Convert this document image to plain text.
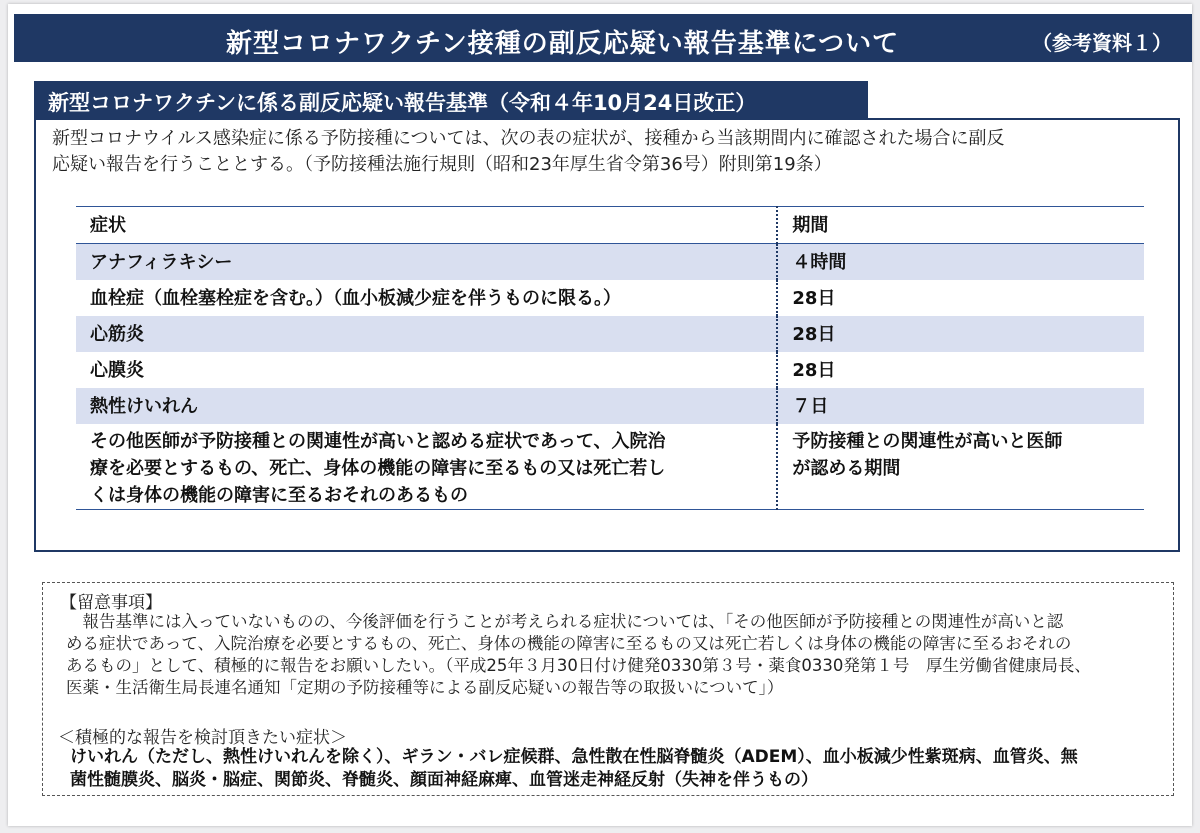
新型コロナワクチン接種の副反応疑い報告基準について	（参考資料１）
新型コロナワクチンに係る副反応疑い報告基準（令和４年10月24日改正）
新型コロナウイルス感染症に係る予防接種については、次の表の症状が、接種から当該期間内に確認された場合に副反
応疑い報告を行うこととする。（予防接種法施行規則（昭和23年厚生省令第36号）附則第19条）
症状	期間
アナフィラキシー	４時間
血栓症（血栓塞栓症を含む。）（血小板減少症を伴うものに限る。）	28日
心筋炎	28日
心膜炎	28日
熱性けいれん	７日
その他医師が予防接種との関連性が高いと認める症状であって、入院治
療を必要とするもの、死亡、身体の機能の障害に至るもの又は死亡若し
くは身体の機能の障害に至るおそれのあるもの	予防接種との関連性が高いと医師
が認める期間
【留意事項】
　報告基準には入っていないものの、今後評価を行うことが考えられる症状については、「その他医師が予防接種との関連性が高いと認
める症状であって、入院治療を必要とするもの、死亡、身体の機能の障害に至るもの又は死亡若しくは身体の機能の障害に至るおそれの
あるもの」として、積極的に報告をお願いしたい。（平成25年３月30日付け健発0330第３号・薬食0330発第１号　厚生労働省健康局長、
医薬・生活衛生局長連名通知「定期の予防接種等による副反応疑いの報告等の取扱いについて」）
＜積極的な報告を検討頂きたい症状＞
けいれん（ただし、熱性けいれんを除く）、ギラン・バレ症候群、急性散在性脳脊髄炎（ADEM）、血小板減少性紫斑病、血管炎、無
菌性髄膜炎、脳炎・脳症、関節炎、脊髄炎、顔面神経麻痺、血管迷走神経反射（失神を伴うもの）
